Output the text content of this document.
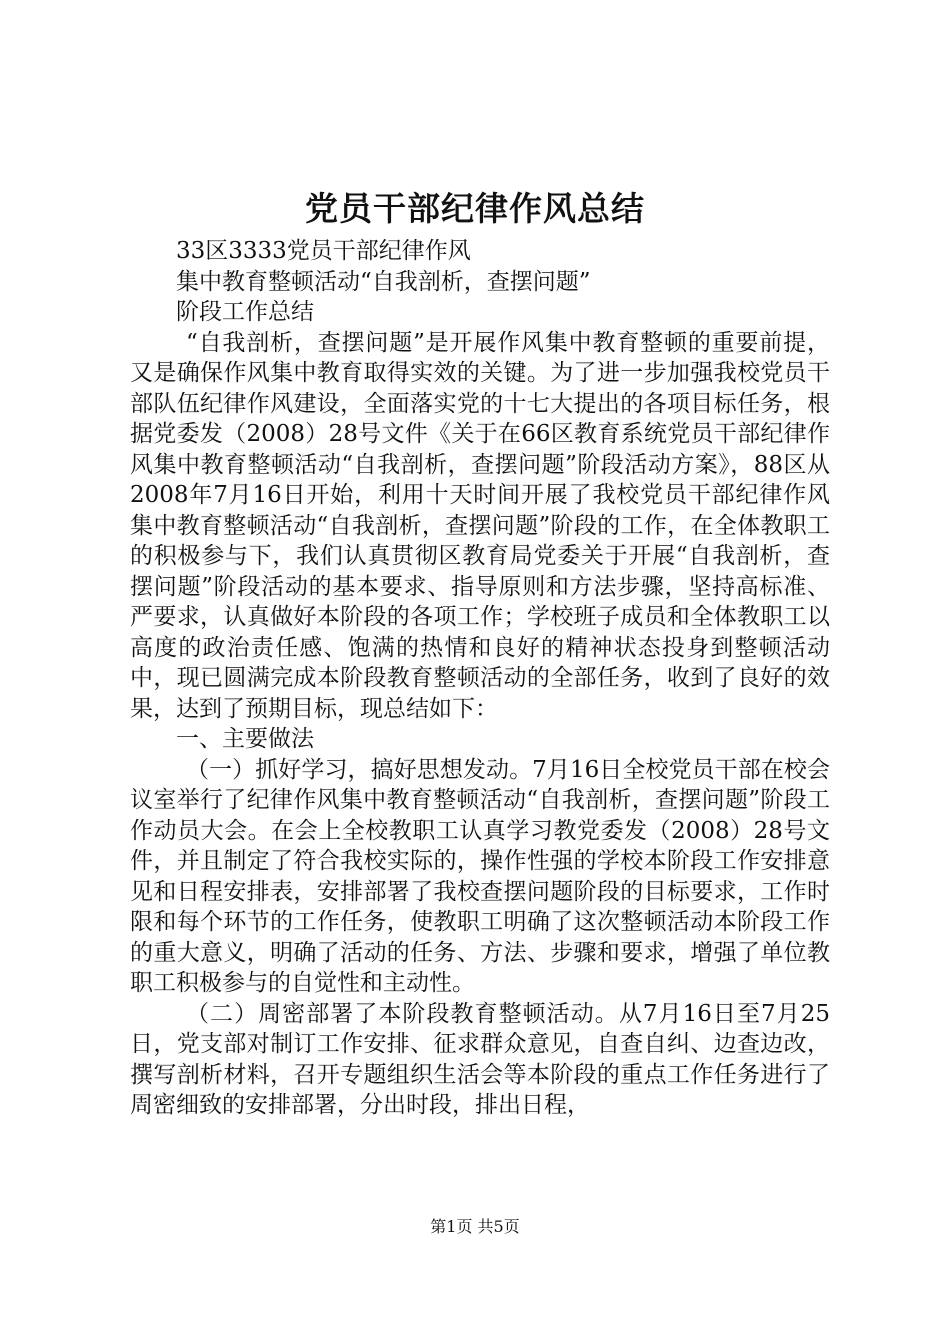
党员干部纪律作风总结

33区3333党员干部纪律作风

集中教育整顿活动“自我剖析，查摆问题”

阶段工作总结

“自我剖析，查摆问题”是开展作风集中教育整顿的重要前提，又是确保作风集中教育取得实效的关键。为了进一步加强我校党员干部队伍纪律作风建设，全面落实党的十七大提出的各项目标任务，根据党委发（2008）28号文件《关于在66区教育系统党员干部纪律作风集中教育整顿活动“自我剖析，查摆问题”阶段活动方案》，88区从2008年7月16日开始，利用十天时间开展了我校党员干部纪律作风集中教育整顿活动“自我剖析，查摆问题”阶段的工作，在全体教职工的积极参与下，我们认真贯彻区教育局党委关于开展“自我剖析，查摆问题”阶段活动的基本要求、指导原则和方法步骤，坚持高标准、严要求，认真做好本阶段的各项工作；学校班子成员和全体教职工以高度的政治责任感、饱满的热情和良好的精神状态投身到整顿活动中，现已圆满完成本阶段教育整顿活动的全部任务，收到了良好的效果，达到了预期目标，现总结如下：

一、主要做法

（一）抓好学习，搞好思想发动。7月16日全校党员干部在校会议室举行了纪律作风集中教育整顿活动“自我剖析，查摆问题”阶段工作动员大会。在会上全校教职工认真学习教党委发（2008）28号文件，并且制定了符合我校实际的，操作性强的学校本阶段工作安排意见和日程安排表，安排部署了我校查摆问题阶段的目标要求，工作时限和每个环节的工作任务，使教职工明确了这次整顿活动本阶段工作的重大意义，明确了活动的任务、方法、步骤和要求，增强了单位教职工积极参与的自觉性和主动性。

（二）周密部署了本阶段教育整顿活动。从7月16日至7月25日，党支部对制订工作安排、征求群众意见，自查自纠、边查边改，撰写剖析材料，召开专题组织生活会等本阶段的重点工作任务进行了周密细致的安排部署，分出时段，排出日程，

第1页 共5页
